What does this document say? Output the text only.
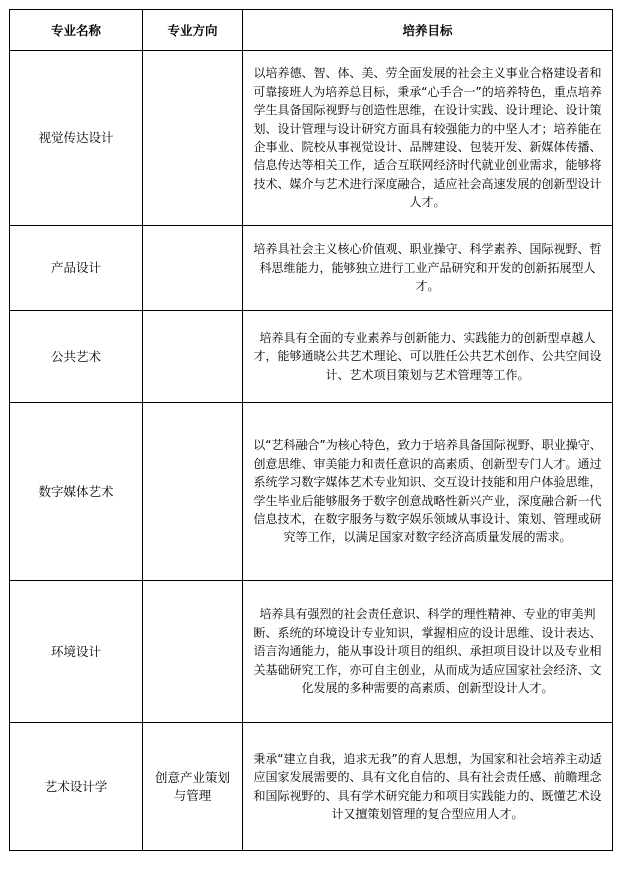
专业名称	专业方向	培养目标
视觉传达设计		以培养德、智、体、美、劳全面发展的社会主义事业合格建设者和可靠接班人为培养总目标，秉承“心手合一”的培养特色，重点培养学生具备国际视野与创造性思维，在设计实践、设计理论、设计策划、设计管理与设计研究方面具有较强能力的中坚人才；培养能在企事业、院校从事视觉设计、品牌建设、包装开发、新媒体传播、信息传达等相关工作，适合互联网经济时代就业创业需求，能够将技术、媒介与艺术进行深度融合，适应社会高速发展的创新型设计人才。

产品设计		培养具社会主义核心价值观、职业操守、科学素养、国际视野、哲科思维能力，能够独立进行工业产品研究和开发的创新拓展型人才。

公共艺术		培养具有全面的专业素养与创新能力、实践能力的创新型卓越人才，能够通晓公共艺术理论、可以胜任公共艺术创作、公共空间设计、艺术项目策划与艺术管理等工作。

数字媒体艺术		以“艺科融合”为核心特色，致力于培养具备国际视野、职业操守、创意思维、审美能力和责任意识的高素质、创新型专门人才。通过系统学习数字媒体艺术专业知识、交互设计技能和用户体验思维，学生毕业后能够服务于数字创意战略性新兴产业，深度融合新一代信息技术，在数字服务与数字娱乐领域从事设计、策划、管理或研究等工作，以满足国家对数字经济高质量发展的需求。

环境设计		培养具有强烈的社会责任意识、科学的理性精神、专业的审美判断、系统的环境设计专业知识，掌握相应的设计思维、设计表达、语言沟通能力，能从事设计项目的组织、承担项目设计以及专业相关基础研究工作，亦可自主创业，从而成为适应国家社会经济、文化发展的多种需要的高素质、创新型设计人才。

艺术设计学	创意产业策划与管理	秉承“建立自我，追求无我”的育人思想，为国家和社会培养主动适应国家发展需要的、具有文化自信的、具有社会责任感、前瞻理念和国际视野的、具有学术研究能力和项目实践能力的、既懂艺术设计又擅策划管理的复合型应用人才。
